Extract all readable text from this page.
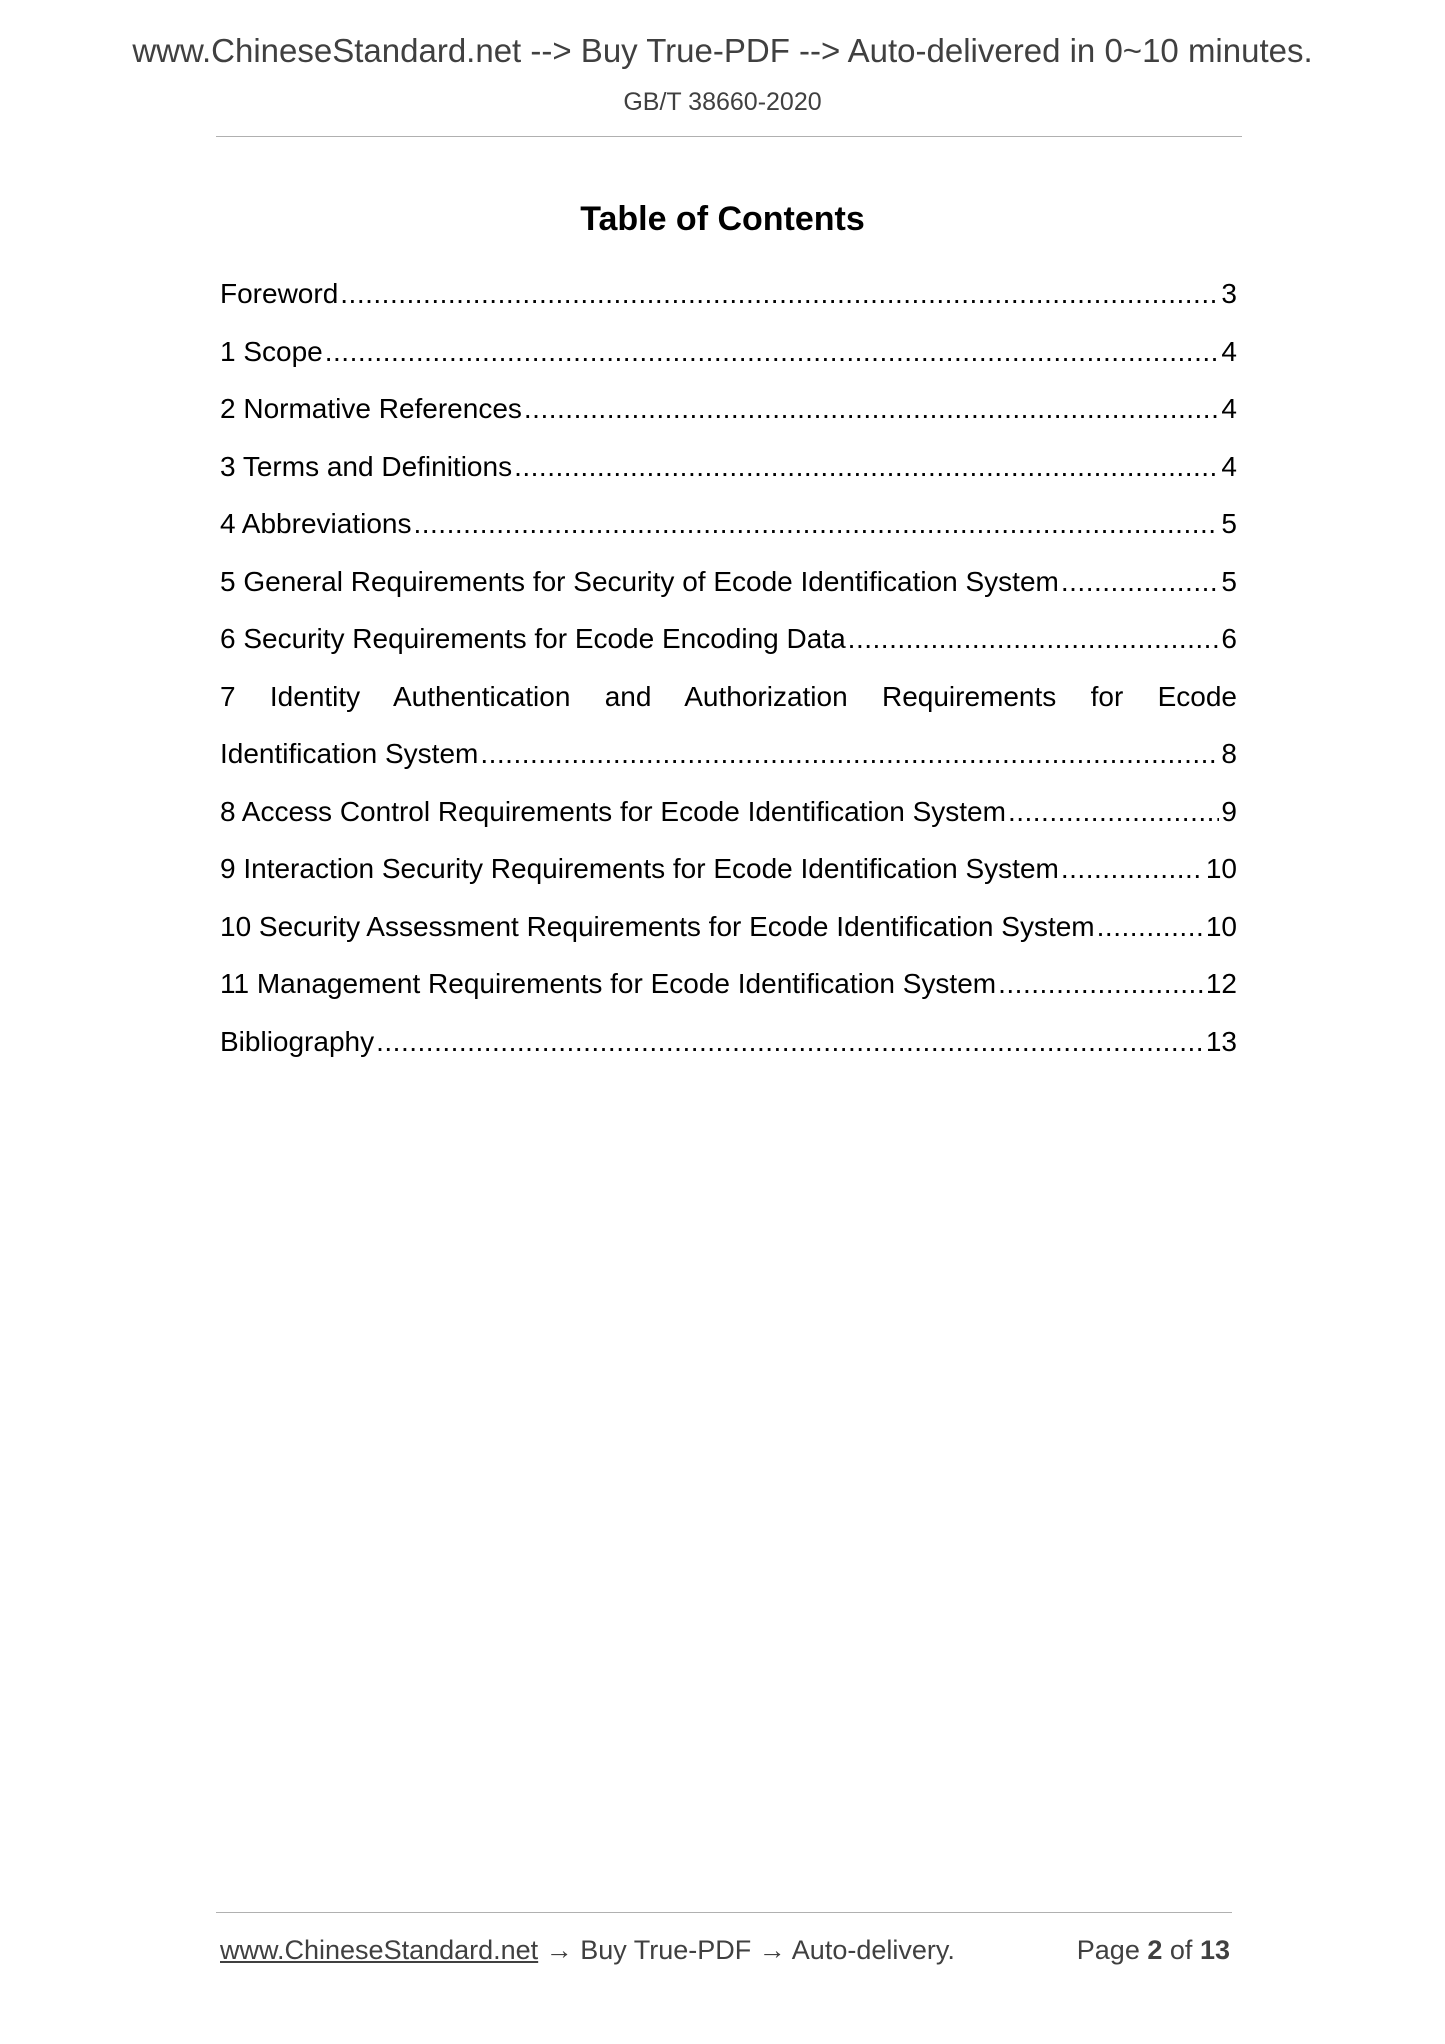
www.ChineseStandard.net --> Buy True-PDF --> Auto-delivered in 0~10 minutes.
GB/T 38660-2020
Table of Contents
Foreword .....	3
1 Scope .....	4
2 Normative References .....	4
3 Terms and Definitions .....	4
4 Abbreviations .....	5
5 General Requirements for Security of Ecode Identification System .....	5
6 Security Requirements for Ecode Encoding Data .....	6
7 Identity Authentication and Authorization Requirements for Ecode
Identification System .....	8
8 Access Control Requirements for Ecode Identification System .....	9
9 Interaction Security Requirements for Ecode Identification System .....	10
10 Security Assessment Requirements for Ecode Identification System .....	10
11 Management Requirements for Ecode Identification System .....	12
Bibliography .....	13
www.ChineseStandard.net → Buy True-PDF → Auto-delivery.	Page 2 of 13
